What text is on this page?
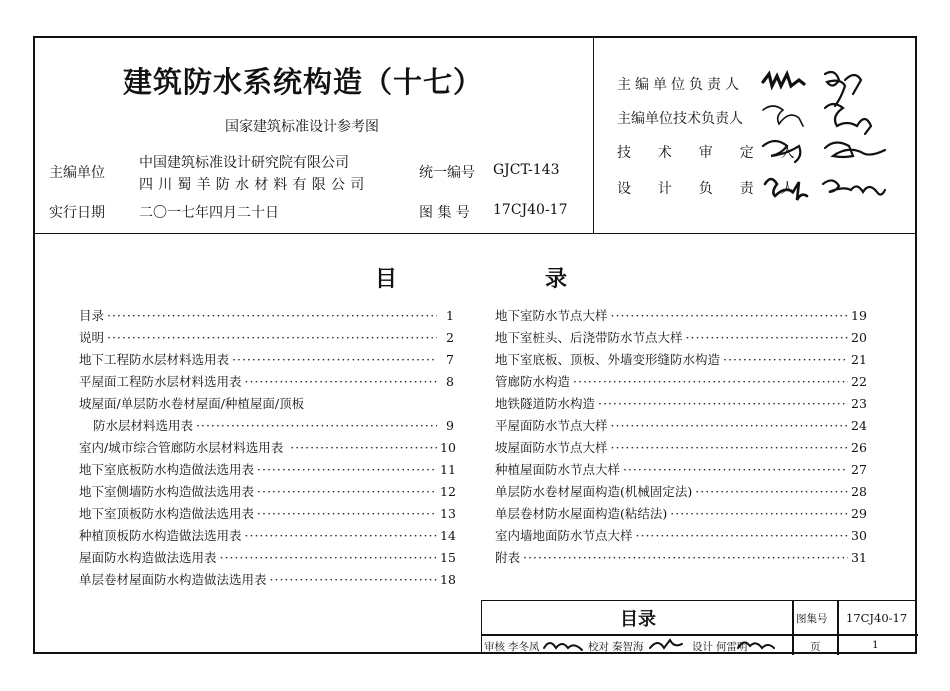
建筑防水系统构造（十七）
国家建筑标准设计参考图
主编单位
中国建筑标准设计研究院有限公司
四川蜀羊防水材料有限公司
实行日期 二〇一七年四月二十日
统一编号 GJCT-143
图 集 号 17CJ40-17
主编单位负责人
主编单位技术负责人
技  术  审  定  人
设  计  负  责  人
目	录
目录 ·····	1
说明 ·····	2
地下工程防水层材料选用表 ·····	7
平屋面工程防水层材料选用表 ·····	8
坡屋面/单层防水卷材屋面/种植屋面/顶板
防水层材料选用表 ·····	9
室内/城市综合管廊防水层材料选用表 ·····	10
地下室底板防水构造做法选用表 ·····	11
地下室侧墙防水构造做法选用表 ·····	12
地下室顶板防水构造做法选用表 ·····	13
种植顶板防水构造做法选用表 ·····	14
屋面防水构造做法选用表 ·····	15
单层卷材屋面防水构造做法选用表 ·····	18
地下室防水节点大样 ·····	19
地下室桩头、后浇带防水节点大样 ·····	20
地下室底板、顶板、外墙变形缝防水构造 ·····	21
管廊防水构造 ·····	22
地铁隧道防水构造 ·····	23
平屋面防水节点大样 ·····	24
坡屋面防水节点大样 ·····	26
种植屋面防水节点大样 ·····	27
单层防水卷材屋面构造(机械固定法) ·····	28
单层卷材防水屋面构造(粘结法) ·····	29
室内墙地面防水节点大样 ·····	30
附表 ·····	31
目录	图集号 17CJ40-17
审核 李冬凤	校对 秦智海	设计 何雷明	页	1
